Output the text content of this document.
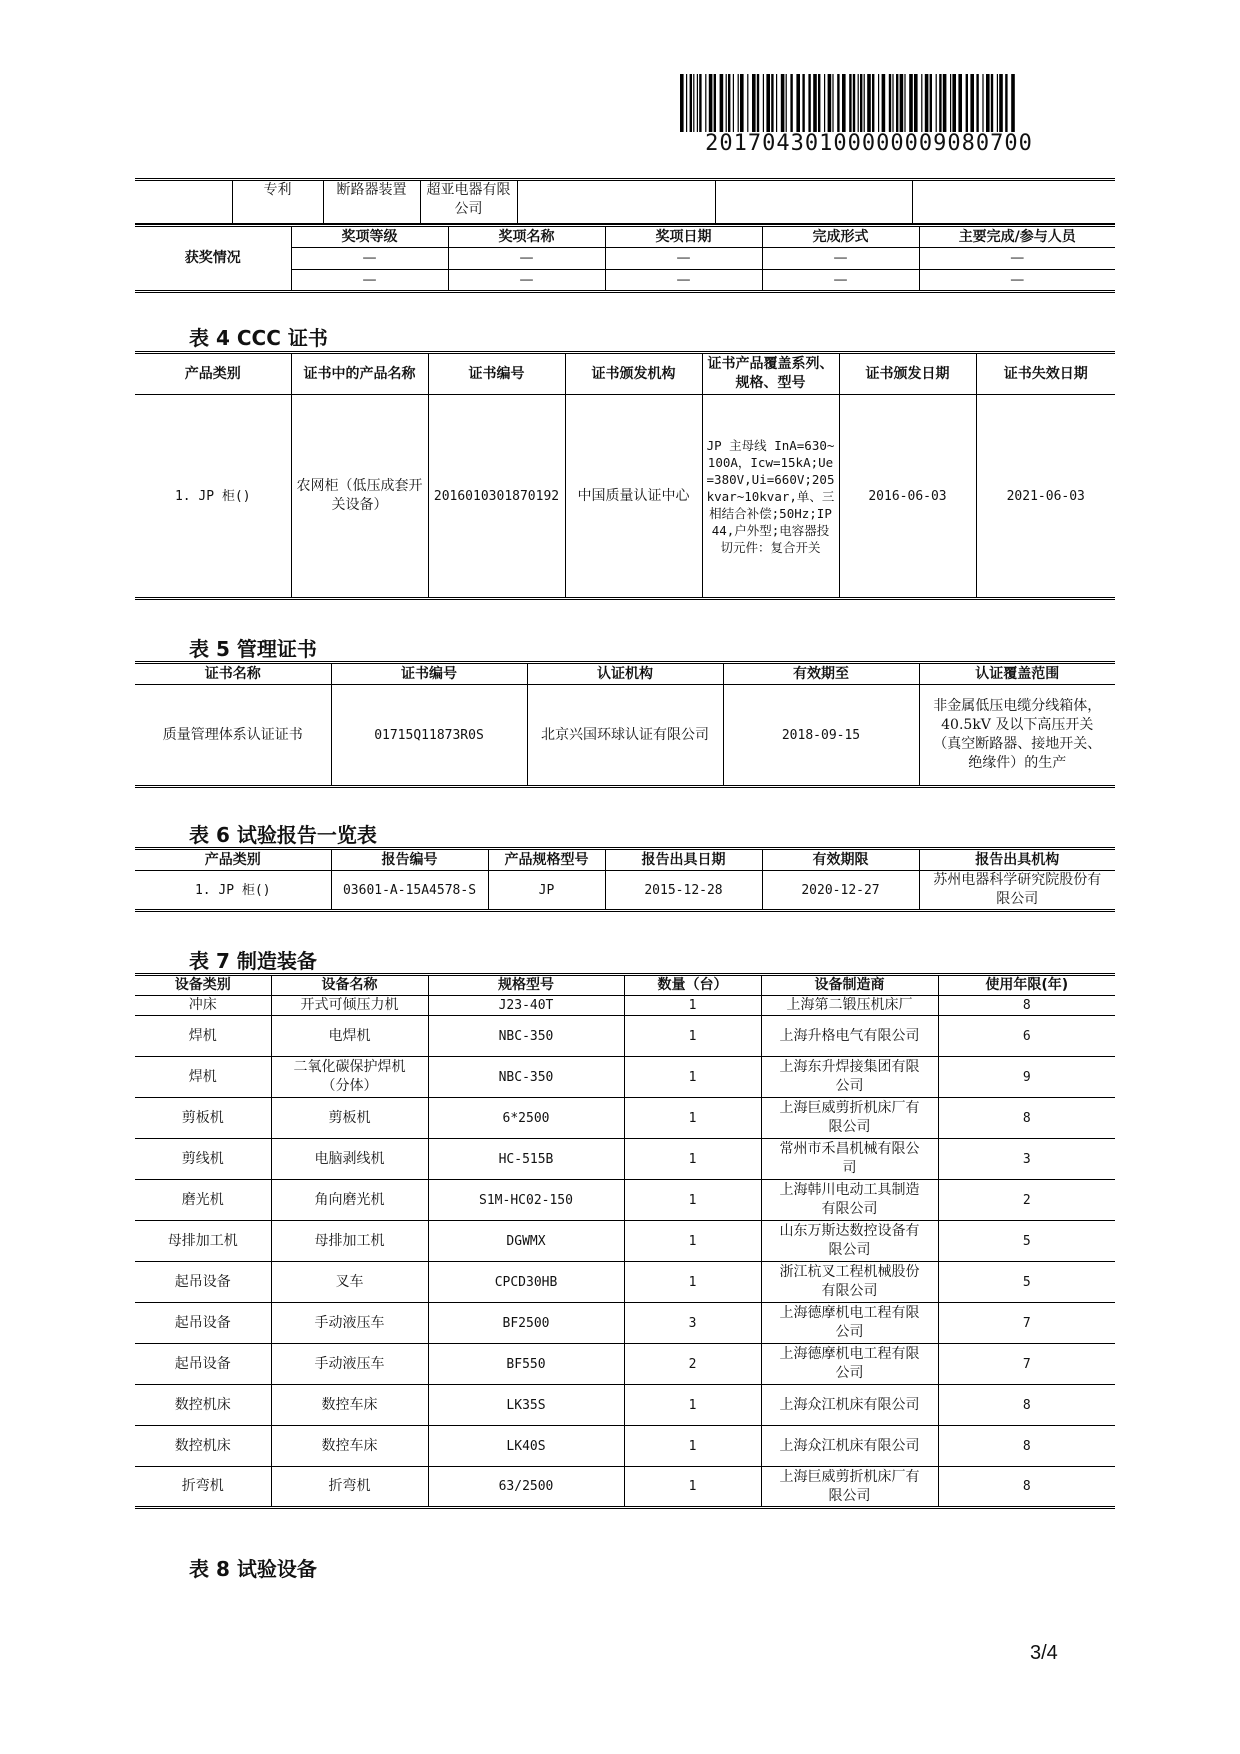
20170430100000009080700
	专利	断路器装置	超亚电器有限公司			
获奖情况	奖项等级	奖项名称	奖项日期	完成形式	主要完成/参与人员
	—	—	—	—	—
	—	—	—	—	—
表 4 CCC 证书
产品类别	证书中的产品名称	证书编号	证书颁发机构	证书产品覆盖系列、规格、型号	证书颁发日期	证书失效日期
1. JP 柜()	农网柜（低压成套开关设备）	2016010301870192	中国质量认证中心	JP 主母线 InA=630~100A，Icw=15kA;Ue=380V,Ui=660V;205kvar~10kvar,单、三相结合补偿;50Hz;IP44,户外型;电容器投切元件：复合开关	2016-06-03	2021-06-03
表 5 管理证书
证书名称	证书编号	认证机构	有效期至	认证覆盖范围
质量管理体系认证证书	01715Q11873R0S	北京兴国环球认证有限公司	2018-09-15	非金属低压电缆分线箱体，40.5kV 及以下高压开关（真空断路器、接地开关、绝缘件）的生产
表 6 试验报告一览表
产品类别	报告编号	产品规格型号	报告出具日期	有效期限	报告出具机构
1. JP 柜()	03601-A-15A4578-S	JP	2015-12-28	2020-12-27	苏州电器科学研究院股份有限公司
表 7 制造装备
设备类别	设备名称	规格型号	数量（台）	设备制造商	使用年限(年)
冲床	开式可倾压力机	J23-40T	1	上海第二锻压机床厂	8
焊机	电焊机	NBC-350	1	上海升格电气有限公司	6
焊机	二氧化碳保护焊机（分体）	NBC-350	1	上海东升焊接集团有限公司	9
剪板机	剪板机	6*2500	1	上海巨威剪折机床厂有限公司	8
剪线机	电脑剥线机	HC-515B	1	常州市禾昌机械有限公司	3
磨光机	角向磨光机	S1M-HC02-150	1	上海韩川电动工具制造有限公司	2
母排加工机	母排加工机	DGWMX	1	山东万斯达数控设备有限公司	5
起吊设备	叉车	CPCD30HB	1	浙江杭叉工程机械股份有限公司	5
起吊设备	手动液压车	BF2500	3	上海德摩机电工程有限公司	7
起吊设备	手动液压车	BF550	2	上海德摩机电工程有限公司	7
数控机床	数控车床	LK35S	1	上海众江机床有限公司	8
数控机床	数控车床	LK40S	1	上海众江机床有限公司	8
折弯机	折弯机	63/2500	1	上海巨威剪折机床厂有限公司	8
表 8 试验设备
3/4
